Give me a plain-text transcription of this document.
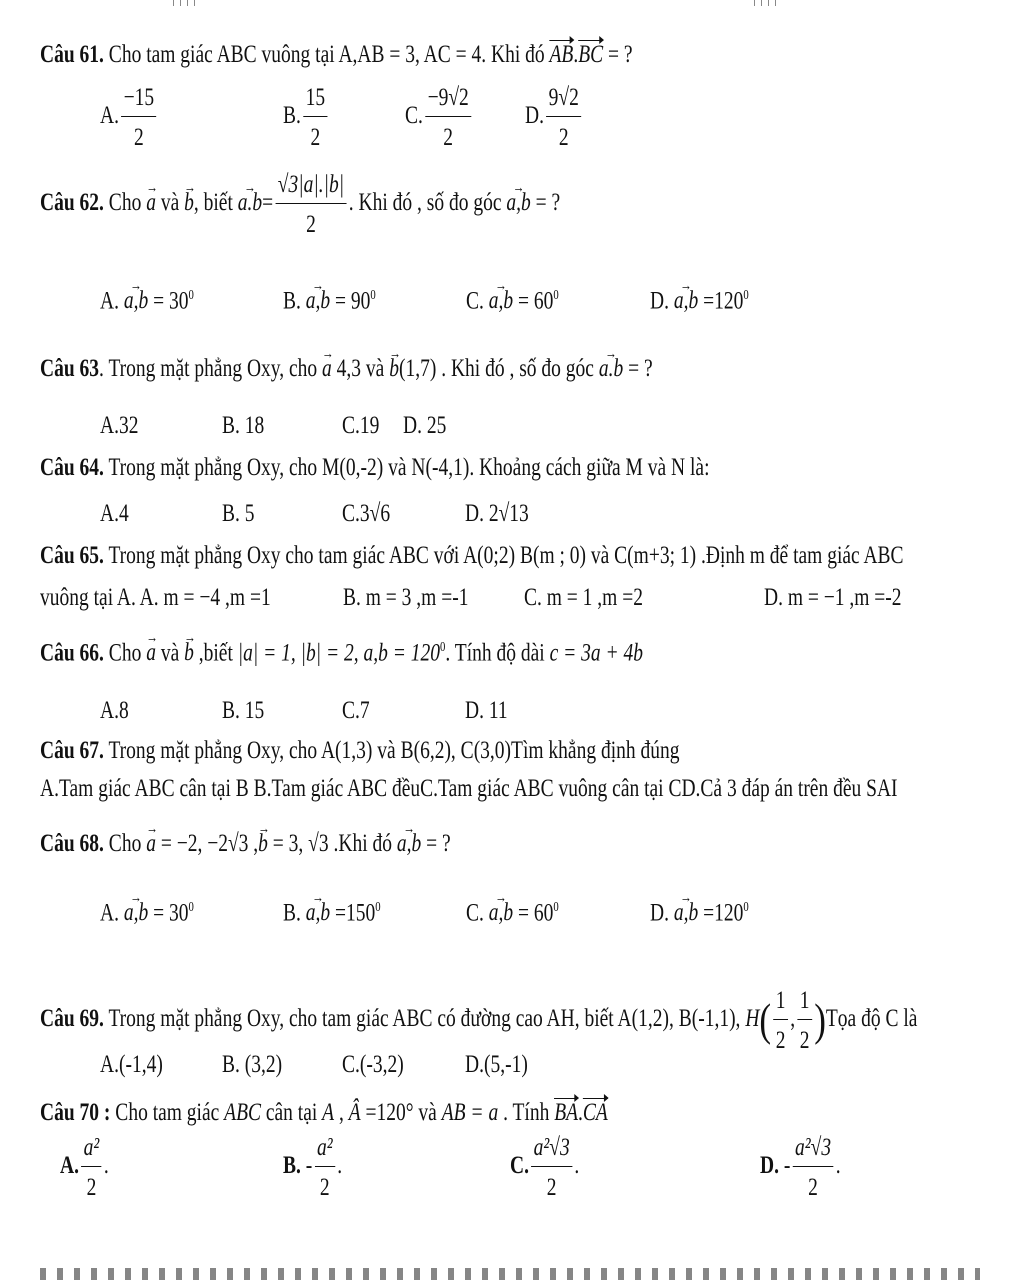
Câu 61. Cho tam giác ABC vuông tại A,AB = 3, AC = 4. Khi đó AB.BC = ?
A. $\frac{-15}{2}$	B. $\frac{15}{2}$	C. $\frac{-9√2}{2} D$. $\frac{9√2}{2}$
Câu 62. Cho → a và → b, biết → $a.b= \frac{√3|a|.|b|}{2}$ . Khi đó , số đo góc → a,b = ?
A. → $a,b = 30^0$	B. → $a,b = 90^0$	C. → $a,b = 60^0$	D. → $a,b =120^0$
Câu 63. Trong mặt phẳng Oxy, cho → a 4,3 và → b(1,7) . Khi đó , số đo góc → a.b = ?
A.32	B. 18	C.19 D. 25
Câu 64. Trong mặt phẳng Oxy, cho M(0,-2) và N(-4,1). Khoảng cách giữa M và N là:
A.4	B. 5	C.3√6	D. 2√13
Câu 65. Trong mặt phẳng Oxy cho tam giác ABC với A(0;2) B(m ; 0) và C(m+3; 1) .Định m để tam giác ABC
vuông tại A. A. m = −4 ,m =1	B. m = 3 ,m =-1 C. m = 1 ,m =2	D. m = −1 ,m =-2
Câu 66. Cho → a và → b ,biết |a| = 1, |b| = 2, $a,b = 120^0$. Tính độ dài c = 3a + 4b
A.8	B. 15	C.7	D. 11
Câu 67. Trong mặt phẳng Oxy, cho A(1,3) và B(6,2), C(3,0)Tìm khẳng định đúng
A.Tam giác ABC cân tại B B.Tam giác ABC đềuC.Tam giác ABC vuông cân tại CD.Cả 3 đáp án trên đều SAI
Câu 68. Cho → a = −2, −2√3 ,→ b = 3, √3 .Khi đó → a,b = ?
A. → $a,b = 30^0$	B. → $a,b =150^0$	C. → $a,b = 60^0$	D. → $a,b =120^0$
Câu 69. Trong mặt phẳng Oxy, cho tam giác ABC có đường cao AH, biết A(1,2), B(-1,1), $H( \frac{1}{2}$ , $\frac{1}{2}$ )Tọa độ C là
A.(-1,4) B. (3,2) C.(-3,2) D.(5,-1)
Câu 70 : Cho tam giác ABC cân tại A , Â =120° và AB = a . Tính BA.CA
A. $\frac{\text{a²}}{2}$ .	B. - $\frac{\text{a²}}{2}$ .	C. $\frac{\text{a²√3}}{2}$ .	D. - $\frac{\text{a²√3}}{2}$ .
